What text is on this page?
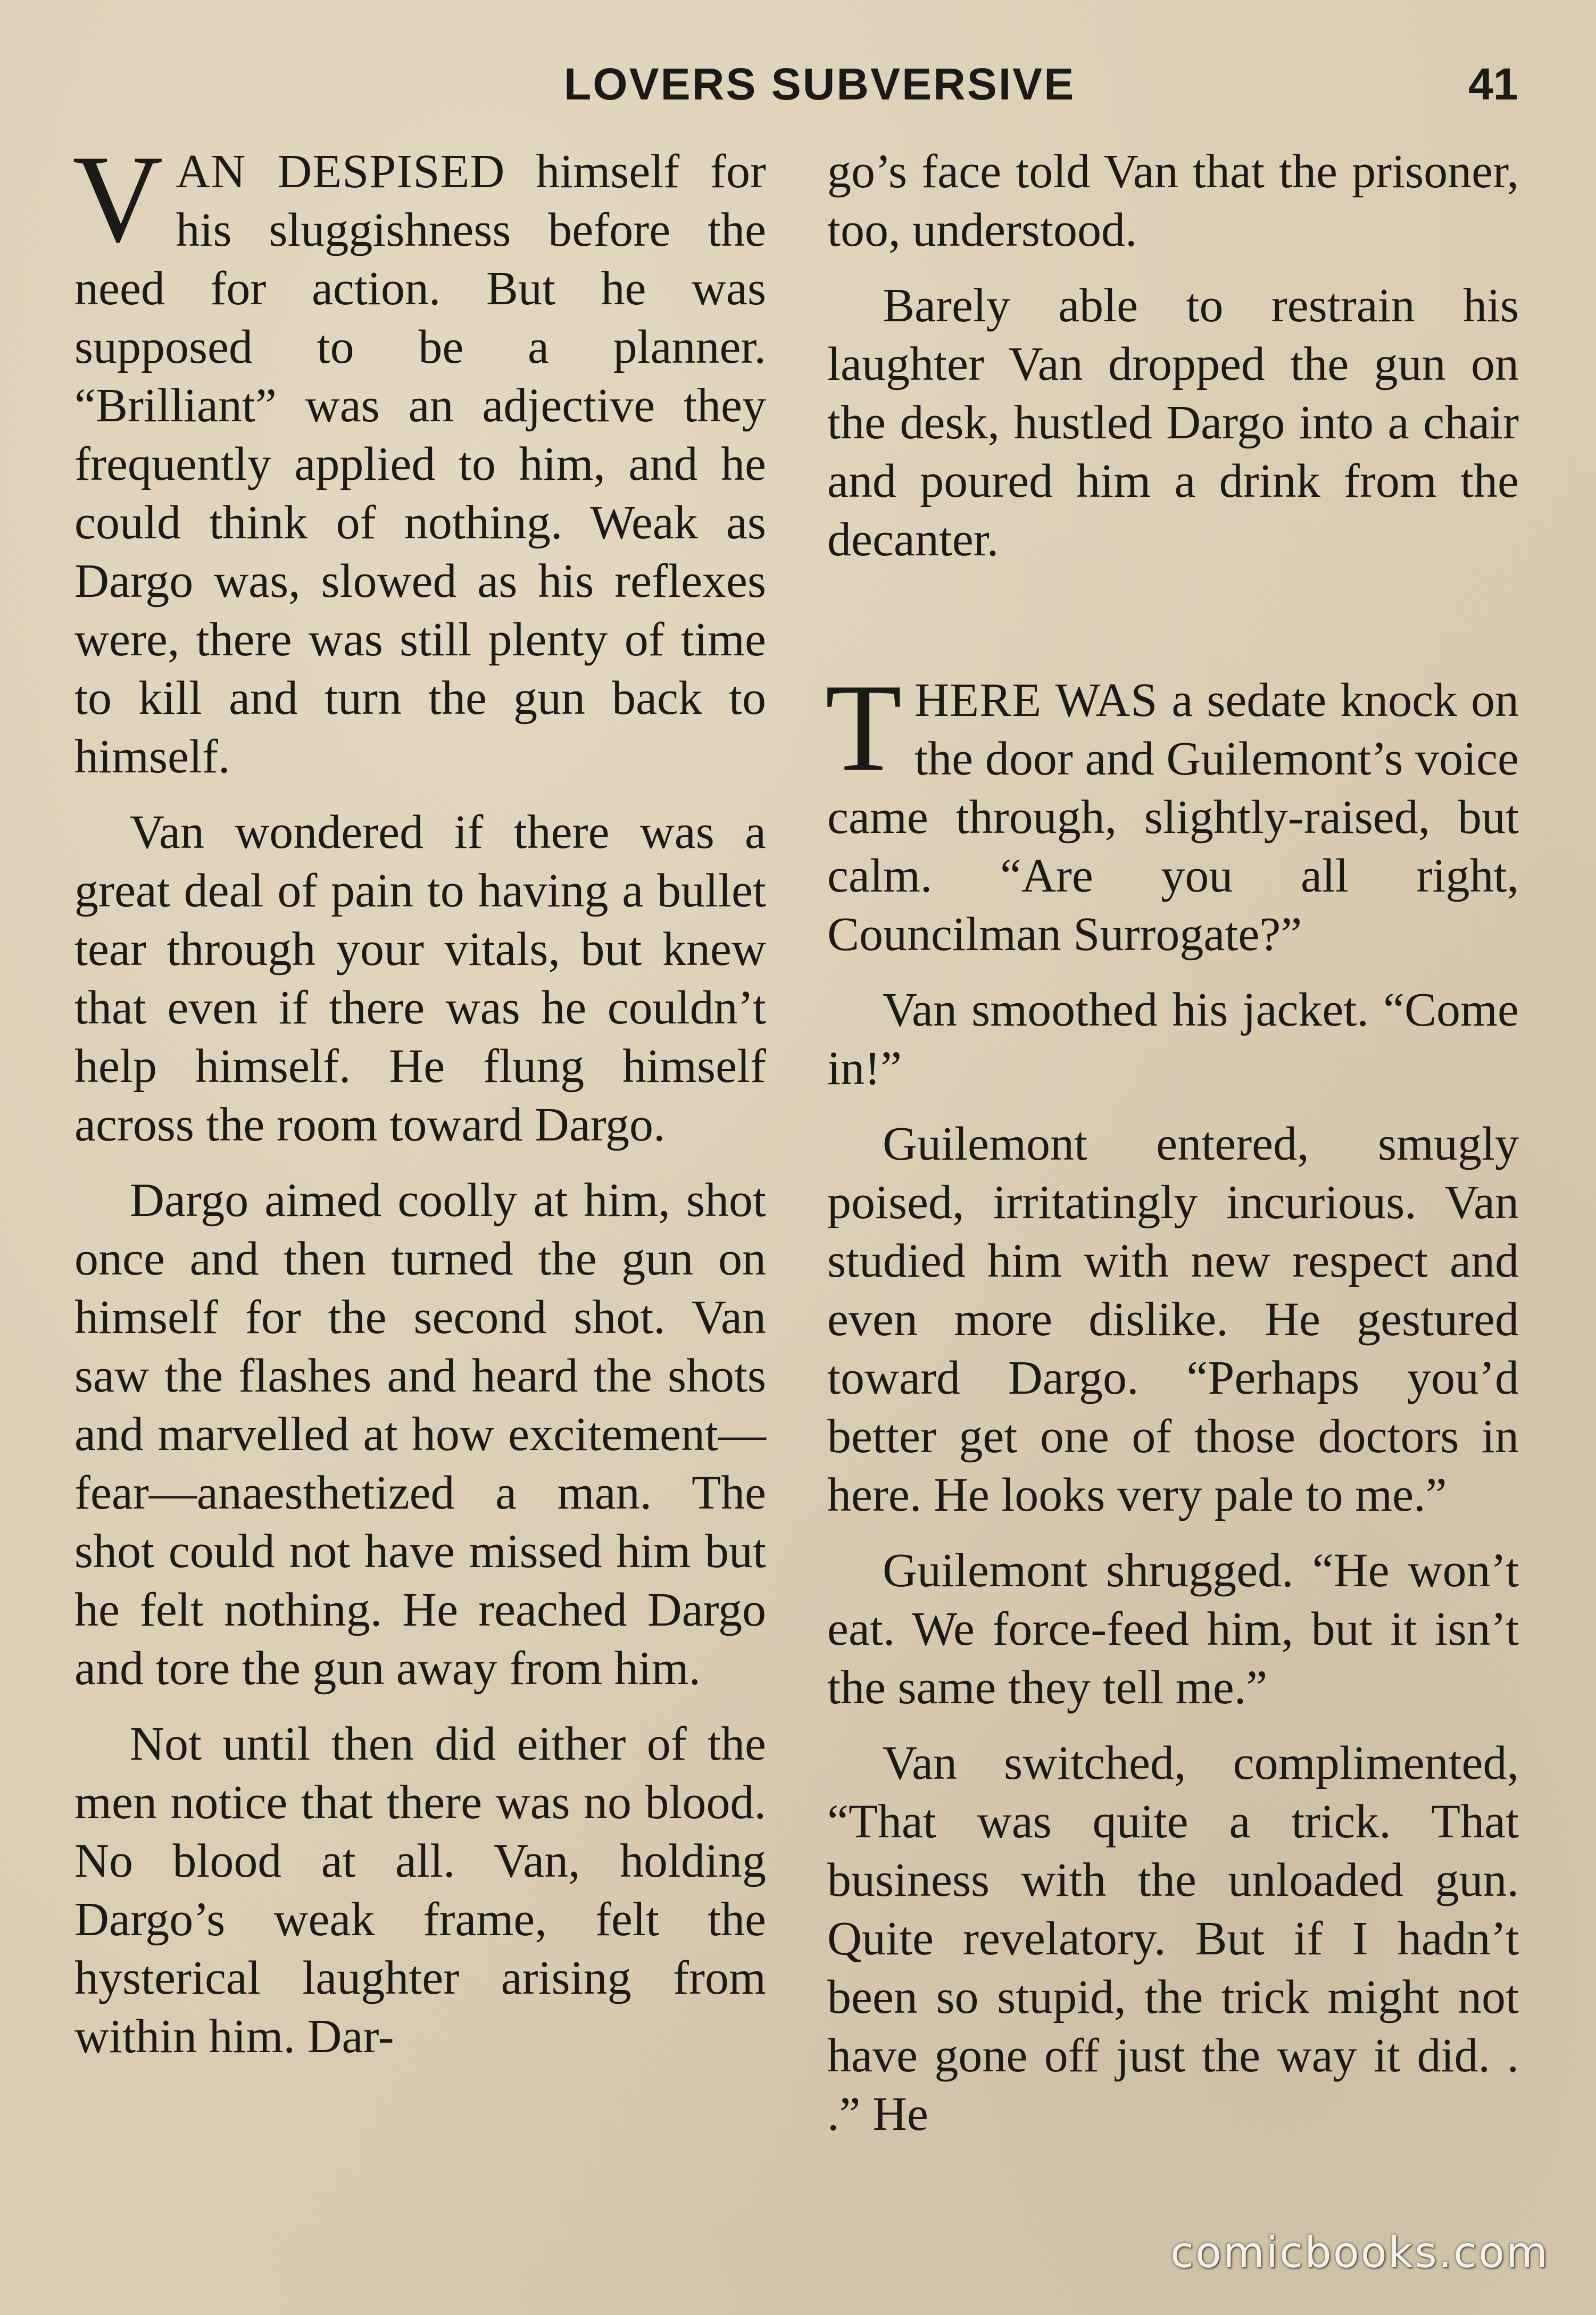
LOVERS SUBVERSIVE	41

VAN DESPISED himself for his sluggishness before the need for action. But he was supposed to be a planner. “Brilliant” was an adjective they frequently applied to him, and he could think of nothing. Weak as Dargo was, slowed as his reflexes were, there was still plenty of time to kill and turn the gun back to himself.

Van wondered if there was a great deal of pain to having a bullet tear through your vitals, but knew that even if there was he couldn’t help himself. He flung himself across the room toward Dargo.

Dargo aimed coolly at him, shot once and then turned the gun on himself for the second shot. Van saw the flashes and heard the shots and marvelled at how excitement—fear—anaesthetized a man. The shot could not have missed him but he felt nothing. He reached Dargo and tore the gun away from him.

Not until then did either of the men notice that there was no blood. No blood at all. Van, holding Dargo’s weak frame, felt the hysterical laughter arising from within him. Dar-

go’s face told Van that the prisoner, too, understood.

Barely able to restrain his laughter Van dropped the gun on the desk, hustled Dargo into a chair and poured him a drink from the decanter.

THERE WAS a sedate knock on the door and Guilemont’s voice came through, slightly-raised, but calm. “Are you all right, Councilman Surrogate?”

Van smoothed his jacket. “Come in!”

Guilemont entered, smugly poised, irritatingly incurious. Van studied him with new respect and even more dislike. He gestured toward Dargo. “Perhaps you’d better get one of those doctors in here. He looks very pale to me.”

Guilemont shrugged. “He won’t eat. We force-feed him, but it isn’t the same they tell me.”

Van switched, complimented, “That was quite a trick. That business with the unloaded gun. Quite revelatory. But if I hadn’t been so stupid, the trick might not have gone off just the way it did. . .” He

comicbooks.com
